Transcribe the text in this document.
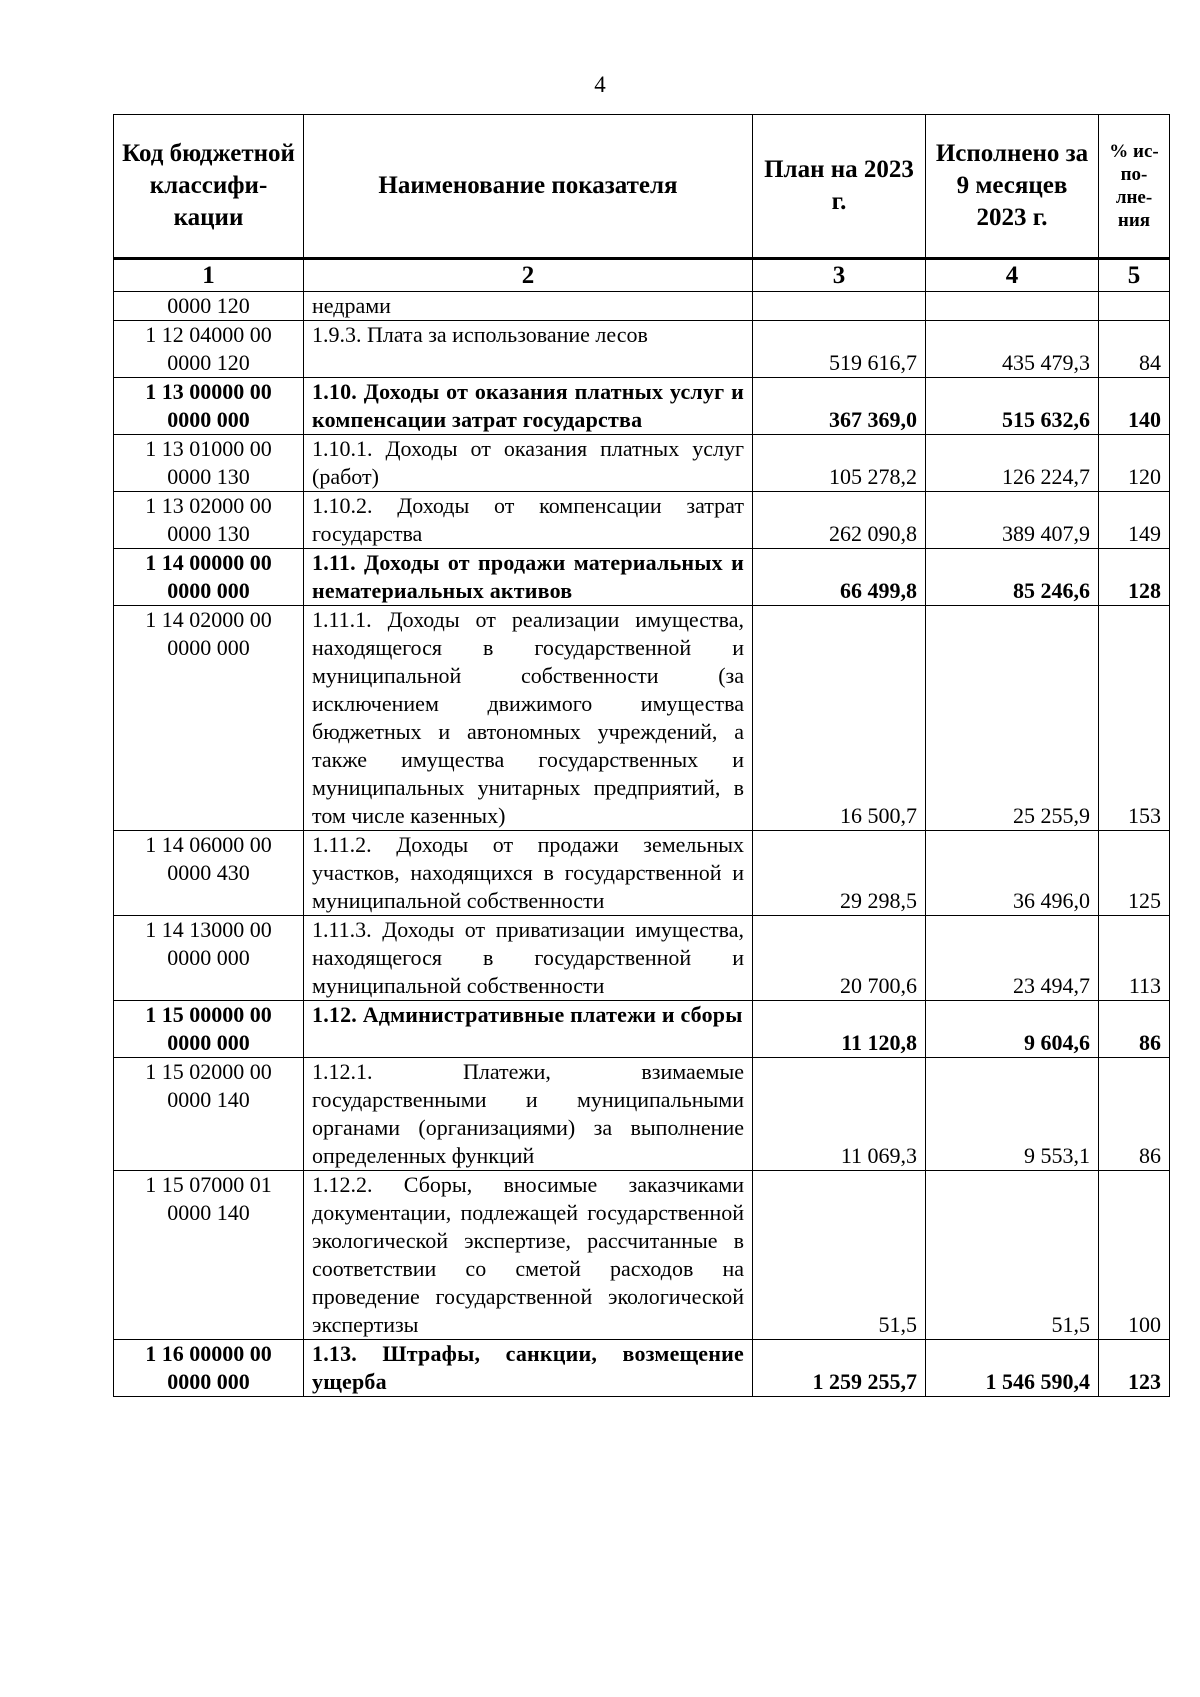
4
Код бюджетной классифи-кации	Наименование показателя	План на 2023 г.	Исполнено за 9 месяцев 2023 г.	% ис-по-лне-ния
1	2	3	4	5
0000 120	недрами			
1 12 04000 00 0000 120	1.9.3. Плата за использование лесов	519 616,7	435 479,3	84
1 13 00000 00 0000 000	1.10. Доходы от оказания платных услуг и компенсации затрат государства	367 369,0	515 632,6	140
1 13 01000 00 0000 130	1.10.1. Доходы от оказания платных услуг (работ)	105 278,2	126 224,7	120
1 13 02000 00 0000 130	1.10.2. Доходы от компенсации затрат государства	262 090,8	389 407,9	149
1 14 00000 00 0000 000	1.11. Доходы от продажи материальных и нематериальных активов	66 499,8	85 246,6	128
1 14 02000 00 0000 000	1.11.1. Доходы от реализации имущества, находящегося в государственной и муниципальной собственности (за исключением движимого имущества бюджетных и автономных учреждений, а также имущества государственных и муниципальных унитарных предприятий, в том числе казенных)	16 500,7	25 255,9	153
1 14 06000 00 0000 430	1.11.2. Доходы от продажи земельных участков, находящихся в государственной и муниципальной собственности	29 298,5	36 496,0	125
1 14 13000 00 0000 000	1.11.3. Доходы от приватизации имущества, находящегося в государственной и муниципальной собственности	20 700,6	23 494,7	113
1 15 00000 00 0000 000	1.12. Административные платежи и сборы	11 120,8	9 604,6	86
1 15 02000 00 0000 140	1.12.1. Платежи, взимаемые государственными и муниципальными органами (организациями) за выполнение определенных функций	11 069,3	9 553,1	86
1 15 07000 01 0000 140	1.12.2. Сборы, вносимые заказчиками документации, подлежащей государственной экологической экспертизе, рассчитанные в соответствии со сметой расходов на проведение государственной экологической экспертизы	51,5	51,5	100
1 16 00000 00 0000 000	1.13. Штрафы, санкции, возмещение ущерба	1 259 255,7	1 546 590,4	123
